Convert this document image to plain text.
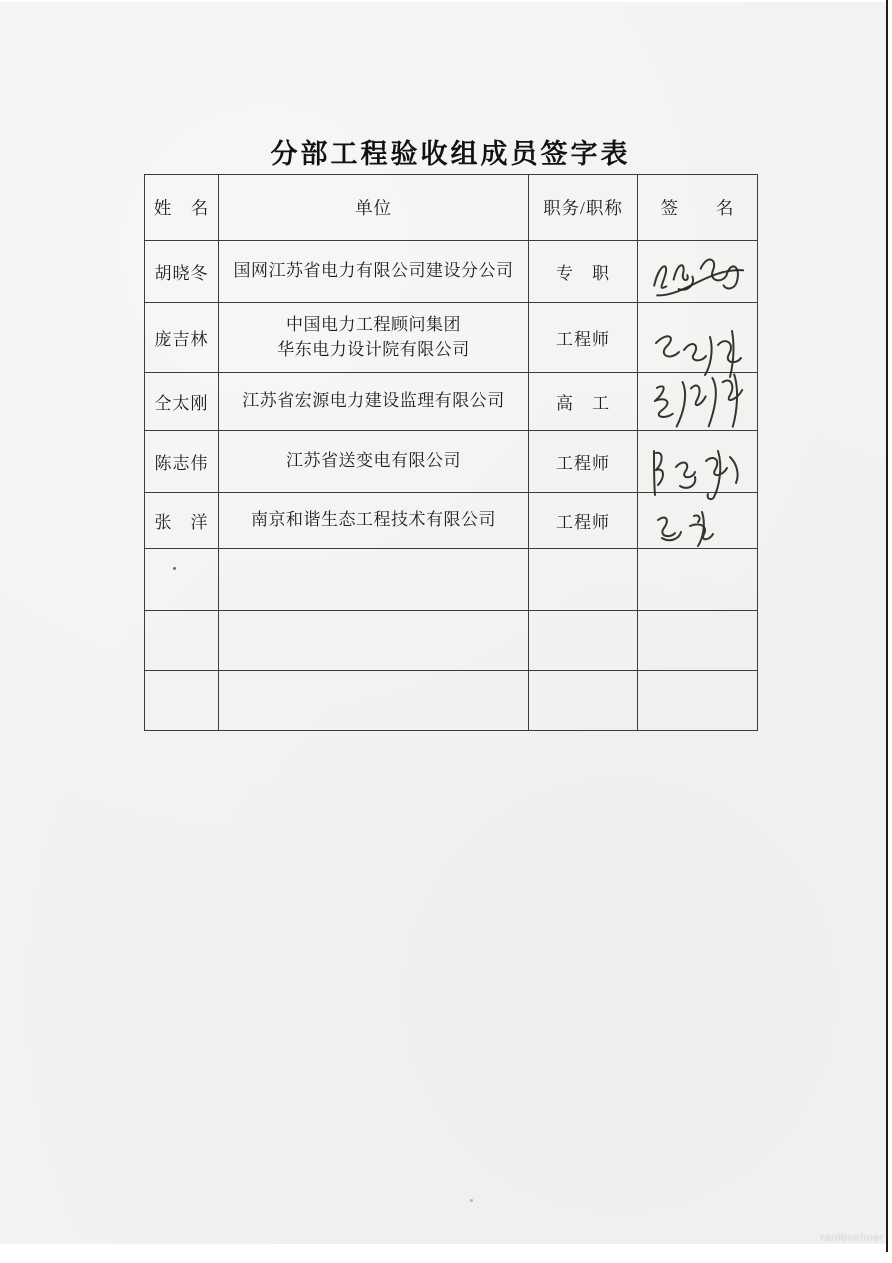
分部工程验收组成员签字表
姓　名	单位	职务/职称	签　　名
胡晓冬	国网江苏省电力有限公司建设分公司	专　职	

庞吉林	中国电力工程顾问集团
华东电力设计院有限公司	工程师	

仝太刚	江苏省宏源电力建设监理有限公司	高　工	

陈志伟	江苏省送变电有限公司	工程师	

张　洋	南京和谐生态工程技术有限公司	工程师	

ranlbvehner
